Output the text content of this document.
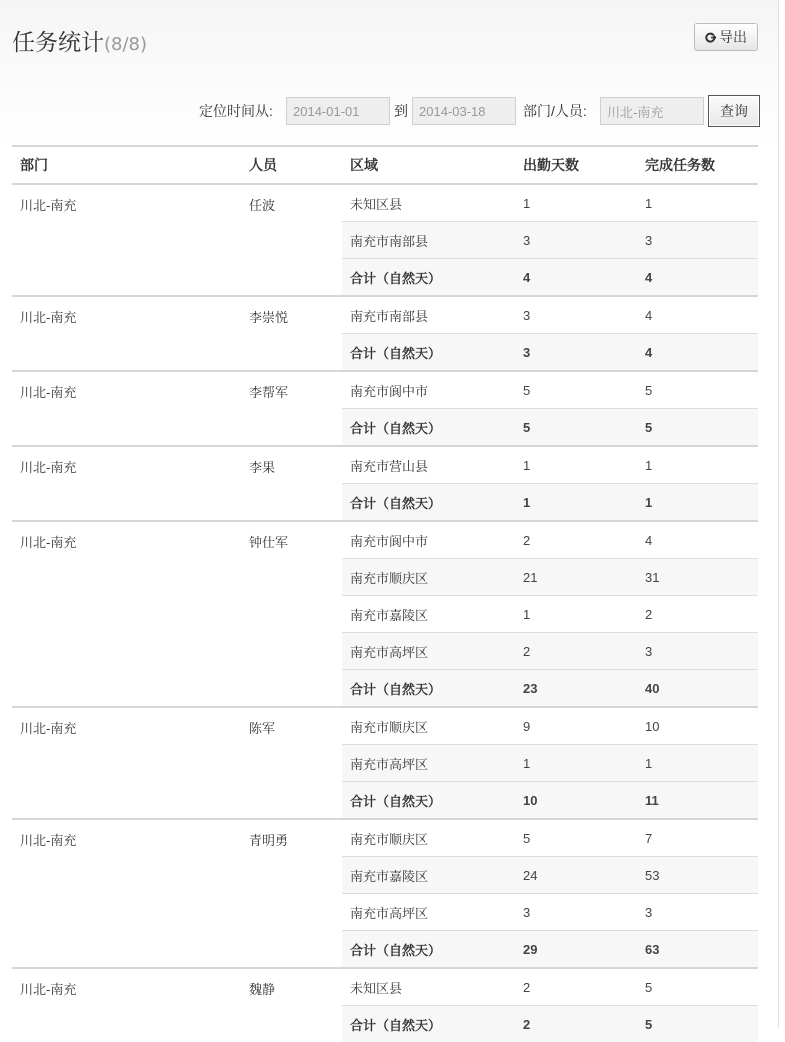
任务统计(8/8)	导出
定位时间从:
2014-01-01	到
2014-03-18	部门/人员:
川北-南充	查询
部门	人员	区域	出勤天数	完成任务数
川北-南充	任波	未知区县	1	1
		南充市南部县	3	3
		合计（自然天）	4	4
川北-南充	李崇悦	南充市南部县	3	4
		合计（自然天）	3	4
川北-南充	李帮军	南充市阆中市	5	5
		合计（自然天）	5	5
川北-南充	李果	南充市营山县	1	1
		合计（自然天）	1	1
川北-南充	钟仕军	南充市阆中市	2	4
		南充市顺庆区	21	31
		南充市嘉陵区	1	2
		南充市高坪区	2	3
		合计（自然天）	23	40
川北-南充	陈军	南充市顺庆区	9	10
		南充市高坪区	1	1
		合计（自然天）	10	11
川北-南充	青明勇	南充市顺庆区	5	7
		南充市嘉陵区	24	53
		南充市高坪区	3	3
		合计（自然天）	29	63
川北-南充	魏静	未知区县	2	5
		合计（自然天）	2	5
